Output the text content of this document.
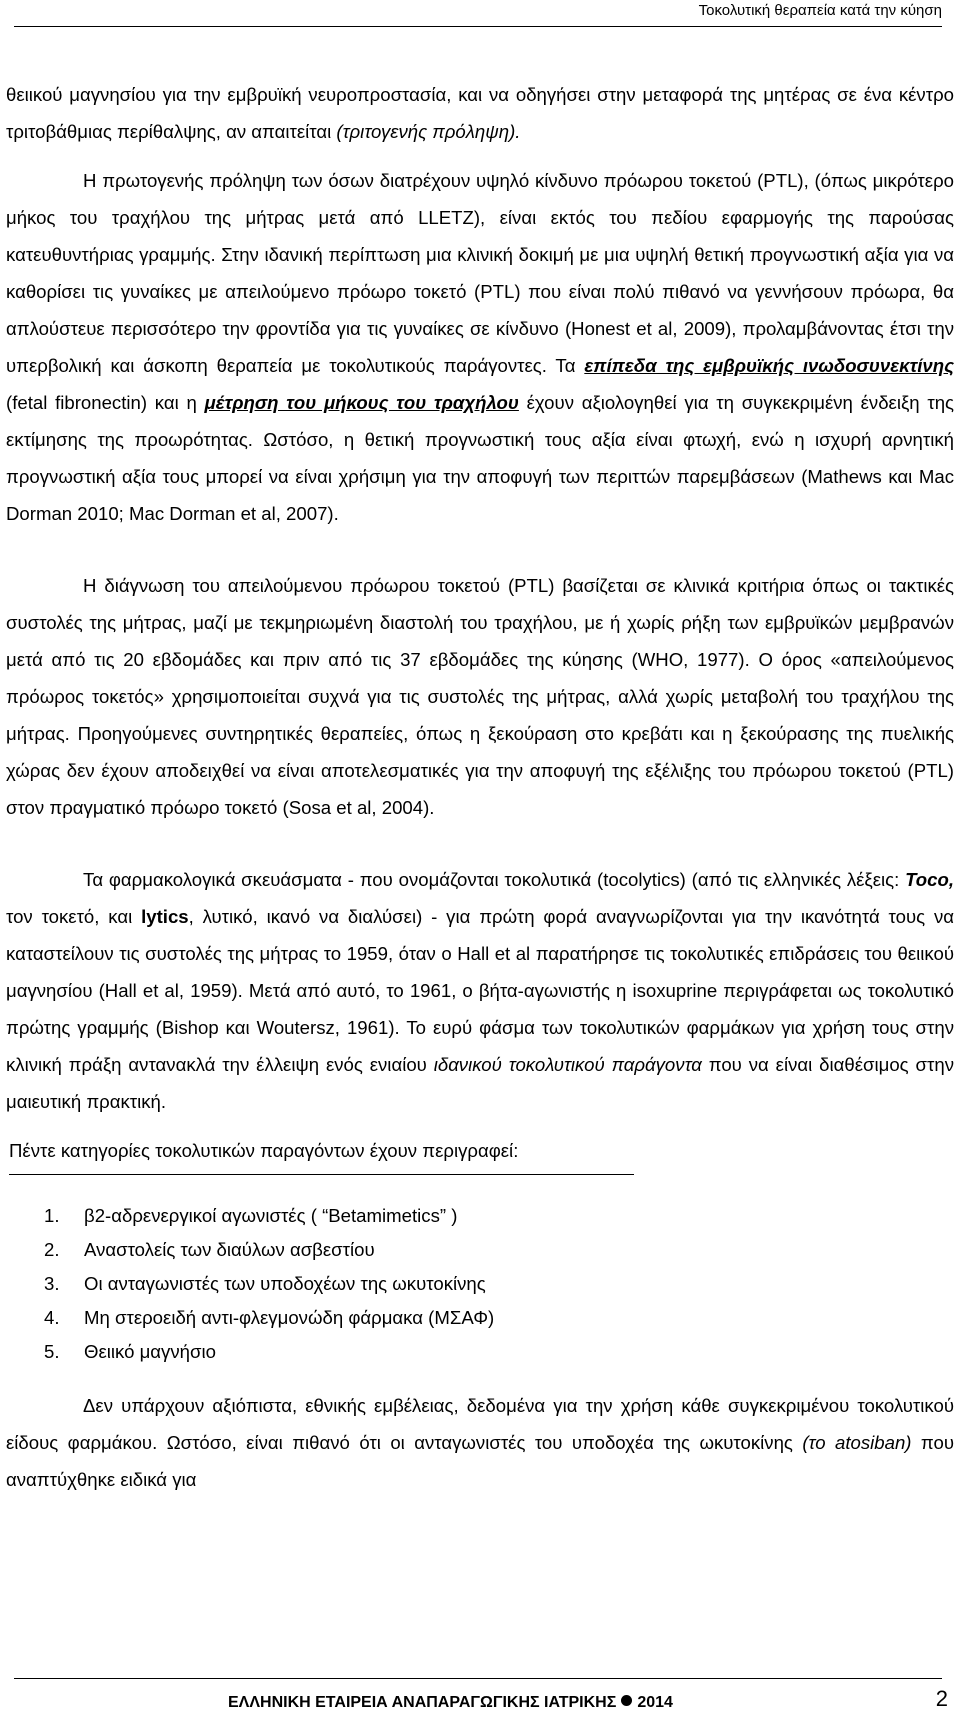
Τοκολυτική θεραπεία κατά την κύηση

θειικού μαγνησίου για την εμβρυϊκή νευροπροστασία, και να οδηγήσει στην μεταφορά της μητέρας σε ένα κέντρο τριτοβάθμιας περίθαλψης, αν απαιτείται (τριτογενής πρόληψη).

Η πρωτογενής πρόληψη των όσων διατρέχουν υψηλό κίνδυνο πρόωρου τοκετού (PTL), (όπως μικρότερο μήκος του τραχήλου της μήτρας μετά από LLETZ), είναι εκτός του πεδίου εφαρμογής της παρούσας κατευθυντήριας γραμμής. Στην ιδανική περίπτωση μια κλινική δοκιμή με μια υψηλή θετική προγνωστική αξία για να καθορίσει τις γυναίκες με απειλούμενο πρόωρο τοκετό (PTL) που είναι πολύ πιθανό να γεννήσουν πρόωρα, θα απλούστευε περισσότερο την φροντίδα για τις γυναίκες σε κίνδυνο (Honest et al, 2009), προλαμβάνοντας έτσι την υπερβολική και άσκοπη θεραπεία με τοκολυτικούς παράγοντες. Τα επίπεδα της εμβρυϊκής ινωδοσυνεκτίνης (fetal fibronectin) και η μέτρηση του μήκους του τραχήλου έχουν αξιολογηθεί για τη συγκεκριμένη ένδειξη της εκτίμησης της προωρότητας. Ωστόσο, η θετική προγνωστική τους αξία είναι φτωχή, ενώ η ισχυρή αρνητική προγνωστική αξία τους μπορεί να είναι χρήσιμη για την αποφυγή των περιττών παρεμβάσεων (Mathews και Mac Dorman 2010; Mac Dorman et al, 2007).

Η διάγνωση του απειλούμενου πρόωρου τοκετού (PTL) βασίζεται σε κλινικά κριτήρια όπως οι τακτικές συστολές της μήτρας, μαζί με τεκμηριωμένη διαστολή του τραχήλου, με ή χωρίς ρήξη των εμβρυϊκών μεμβρανών μετά από τις 20 εβδομάδες και πριν από τις 37 εβδομάδες της κύησης (WHO, 1977). Ο όρος «απειλούμενος πρόωρος τοκετός» χρησιμοποιείται συχνά για τις συστολές της μήτρας, αλλά χωρίς μεταβολή του τραχήλου της μήτρας. Προηγούμενες συντηρητικές θεραπείες, όπως η ξεκούραση στο κρεβάτι και η ξεκούρασης της πυελικής χώρας δεν έχουν αποδειχθεί να είναι αποτελεσματικές για την αποφυγή της εξέλιξης του πρόωρου τοκετού (PTL) στον πραγματικό πρόωρο τοκετό (Sosa et al, 2004).

Τα φαρμακολογικά σκευάσματα - που ονομάζονται τοκολυτικά (tocolytics) (από τις ελληνικές λέξεις: Toco, τον τοκετό, και lytics, λυτικό, ικανό να διαλύσει) - για πρώτη φορά αναγνωρίζονται για την ικανότητά τους να καταστείλουν τις συστολές της μήτρας το 1959, όταν ο Hall et al παρατήρησε τις τοκολυτικές επιδράσεις του θειικού μαγνησίου (Hall et al, 1959). Μετά από αυτό, το 1961, ο βήτα-αγωνιστής η isoxuprine περιγράφεται ως τοκολυτικό πρώτης γραμμής (Bishop και Woutersz, 1961). Το ευρύ φάσμα των τοκολυτικών φαρμάκων για χρήση τους στην κλινική πράξη αντανακλά την έλλειψη ενός ενιαίου ιδανικού τοκολυτικού παράγοντα που να είναι διαθέσιμος στην μαιευτική πρακτική.

Πέντε κατηγορίες τοκολυτικών παραγόντων έχουν περιγραφεί:
1. β2-αδρενεργικοί αγωνιστές ( “Betamimetics” )
2. Αναστολείς των διαύλων ασβεστίου
3. Οι ανταγωνιστές των υποδοχέων της ωκυτοκίνης
4. Μη στεροειδή αντι-φλεγμονώδη φάρμακα (ΜΣΑΦ)
5. Θειικό μαγνήσιο

Δεν υπάρχουν αξιόπιστα, εθνικής εμβέλειας, δεδομένα για την χρήση κάθε συγκεκριμένου τοκολυτικού είδους φαρμάκου. Ωστόσο, είναι πιθανό ότι οι ανταγωνιστές του υποδοχέα της ωκυτοκίνης (το atosiban) που αναπτύχθηκε ειδικά για

ΕΛΛΗΝΙΚΗ ΕΤΑΙΡΕΙΑ ΑΝΑΠΑΡΑΓΩΓΙΚΗΣ ΙΑΤΡΙΚΗΣ 2014	2
